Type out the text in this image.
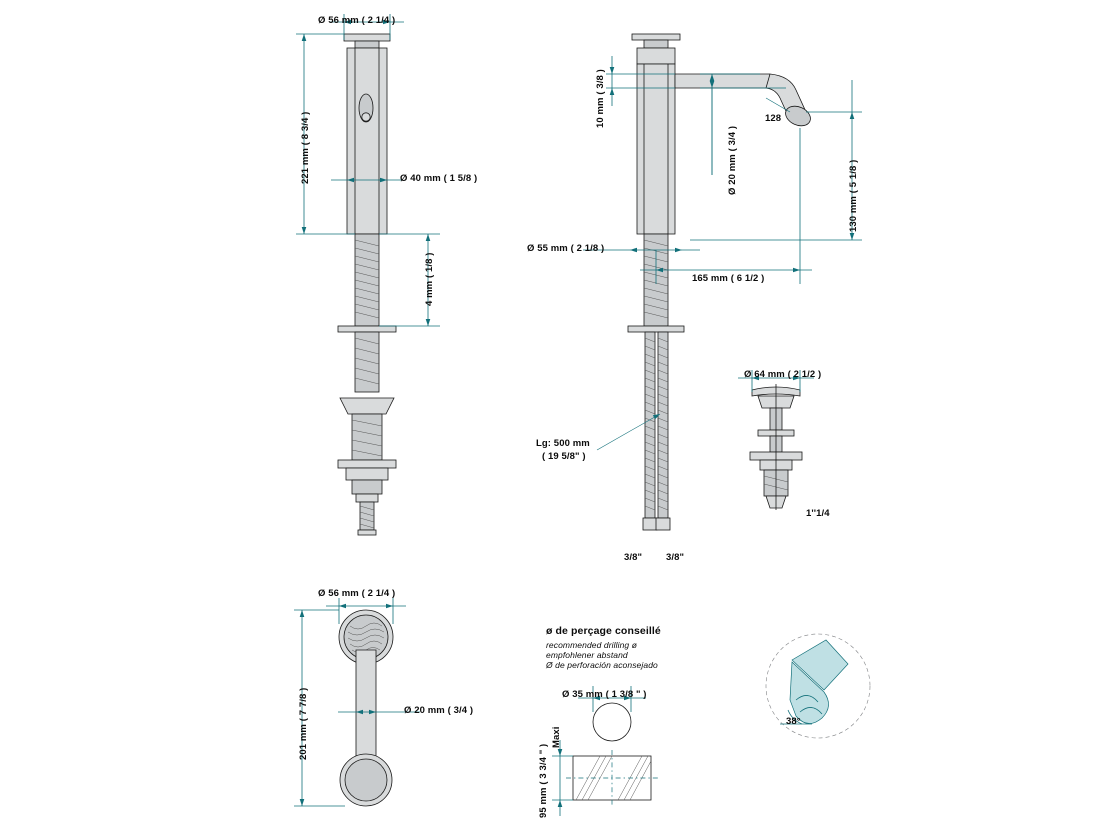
Ø 56 mm ( 2 1/4 )
221 mm ( 8 3/4 )	Ø 40 mm ( 1 5/8 )
4 mm ( 1/8 )
10 mm ( 3/8 )
Ø 20 mm ( 3/4 )
Ø 55 mm ( 2 1/8 )
130 mm ( 5 1/8 )
165 mm ( 6 1/2 )
128
Lg: 500 mm
( 19 5/8" )
3/8"	3/8"
Ø 64 mm ( 2 1/2 )
1''1/4
Ø 56 mm ( 2 1/4 )
201 mm ( 7 7/8 )	Ø 20 mm ( 3/4 )
ø de perçage conseillé
recommended drilling ø
empfohlener abstand
Ø de perforación aconsejado
Ø 35 mm ( 1 3/8 " )
95 mm ( 3 3/4 " )
Maxi
38°
